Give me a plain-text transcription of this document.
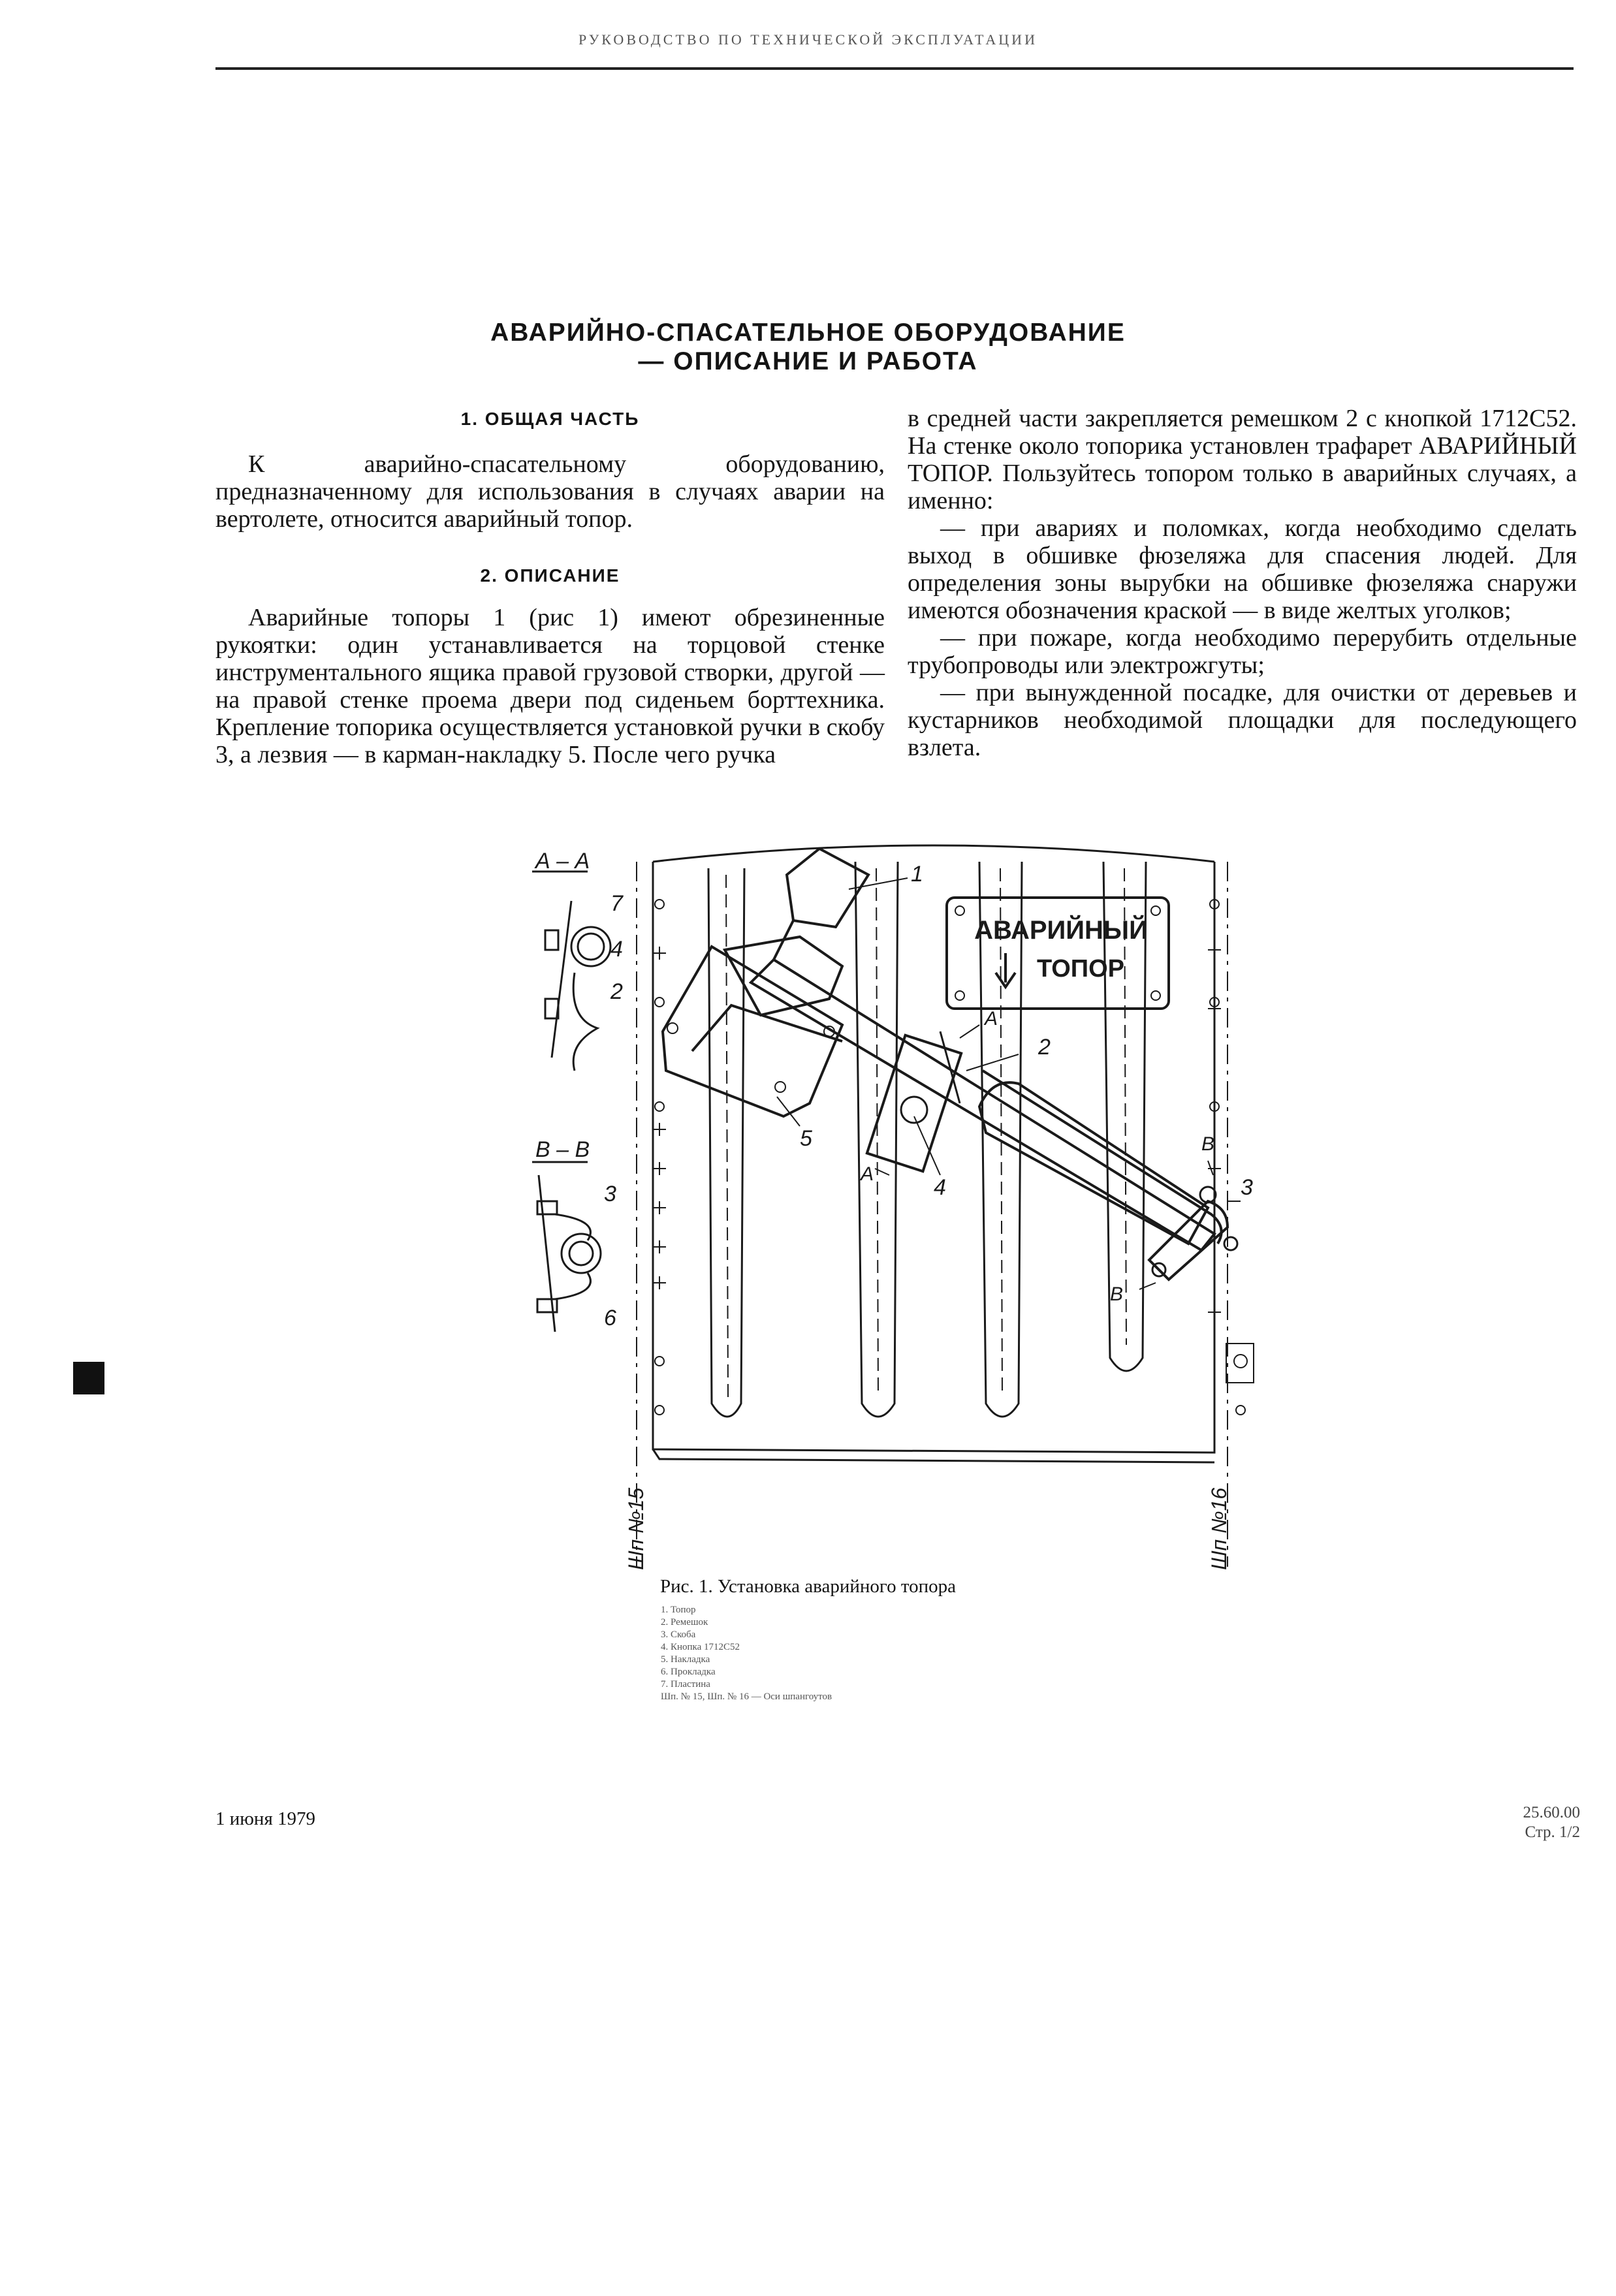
РУКОВОДСТВО ПО ТЕХНИЧЕСКОЙ ЭКСПЛУАТАЦИИ
АВАРИЙНО-СПАСАТЕЛЬНОЕ ОБОРУДОВАНИЕ
— ОПИСАНИЕ И РАБОТА
1. ОБЩАЯ ЧАСТЬ

К аварийно-спасательному оборудованию, предназначенному для использования в случаях аварии на вертолете, относится аварийный топор.

2. ОПИСАНИЕ

Аварийные топоры 1 (рис 1) имеют обрезиненные рукоятки: один устанавливается на торцовой стенке инструментального ящика правой грузовой створки, другой — на правой стенке проема двери под сиденьем борттехника. Крепление топорика осуществляется установкой ручки в скобу 3, а лезвия — в карман-накладку 5. После чего ручка

в средней части закрепляется ремешком 2 с кнопкой 1712С52. На стенке около топорика установлен трафарет АВАРИЙНЫЙ ТОПОР. Пользуйтесь топором только в аварийных случаях, а именно:

— при авариях и поломках, когда необходимо сделать выход в обшивке фюзеляжа для спасения людей. Для определения зоны вырубки на обшивке фюзеляжа снаружи имеются обозначения краской — в виде желтых уголков;

— при пожаре, когда необходимо перерубить отдельные трубопроводы или электрожгуты;

— при вынужденной посадке, для очистки от деревьев и кустарников необходимой площадки для последующего взлета.

АВАРИЙНЫЙ
ТОПОР
А – А
В – В
1
2
3
4
5
2
7
4
3
6
А
А
В
В
Шп №15	Шп №16
Рис. 1. Установка аварийного топора
1. Топор
2. Ремешок
3. Скоба
4. Кнопка 1712С52
5. Накладка
6. Прокладка
7. Пластина
Шп. № 15, Шп. № 16 — Оси шпангоутов
1 июня 1979	25.60.00
Стр. 1/2
